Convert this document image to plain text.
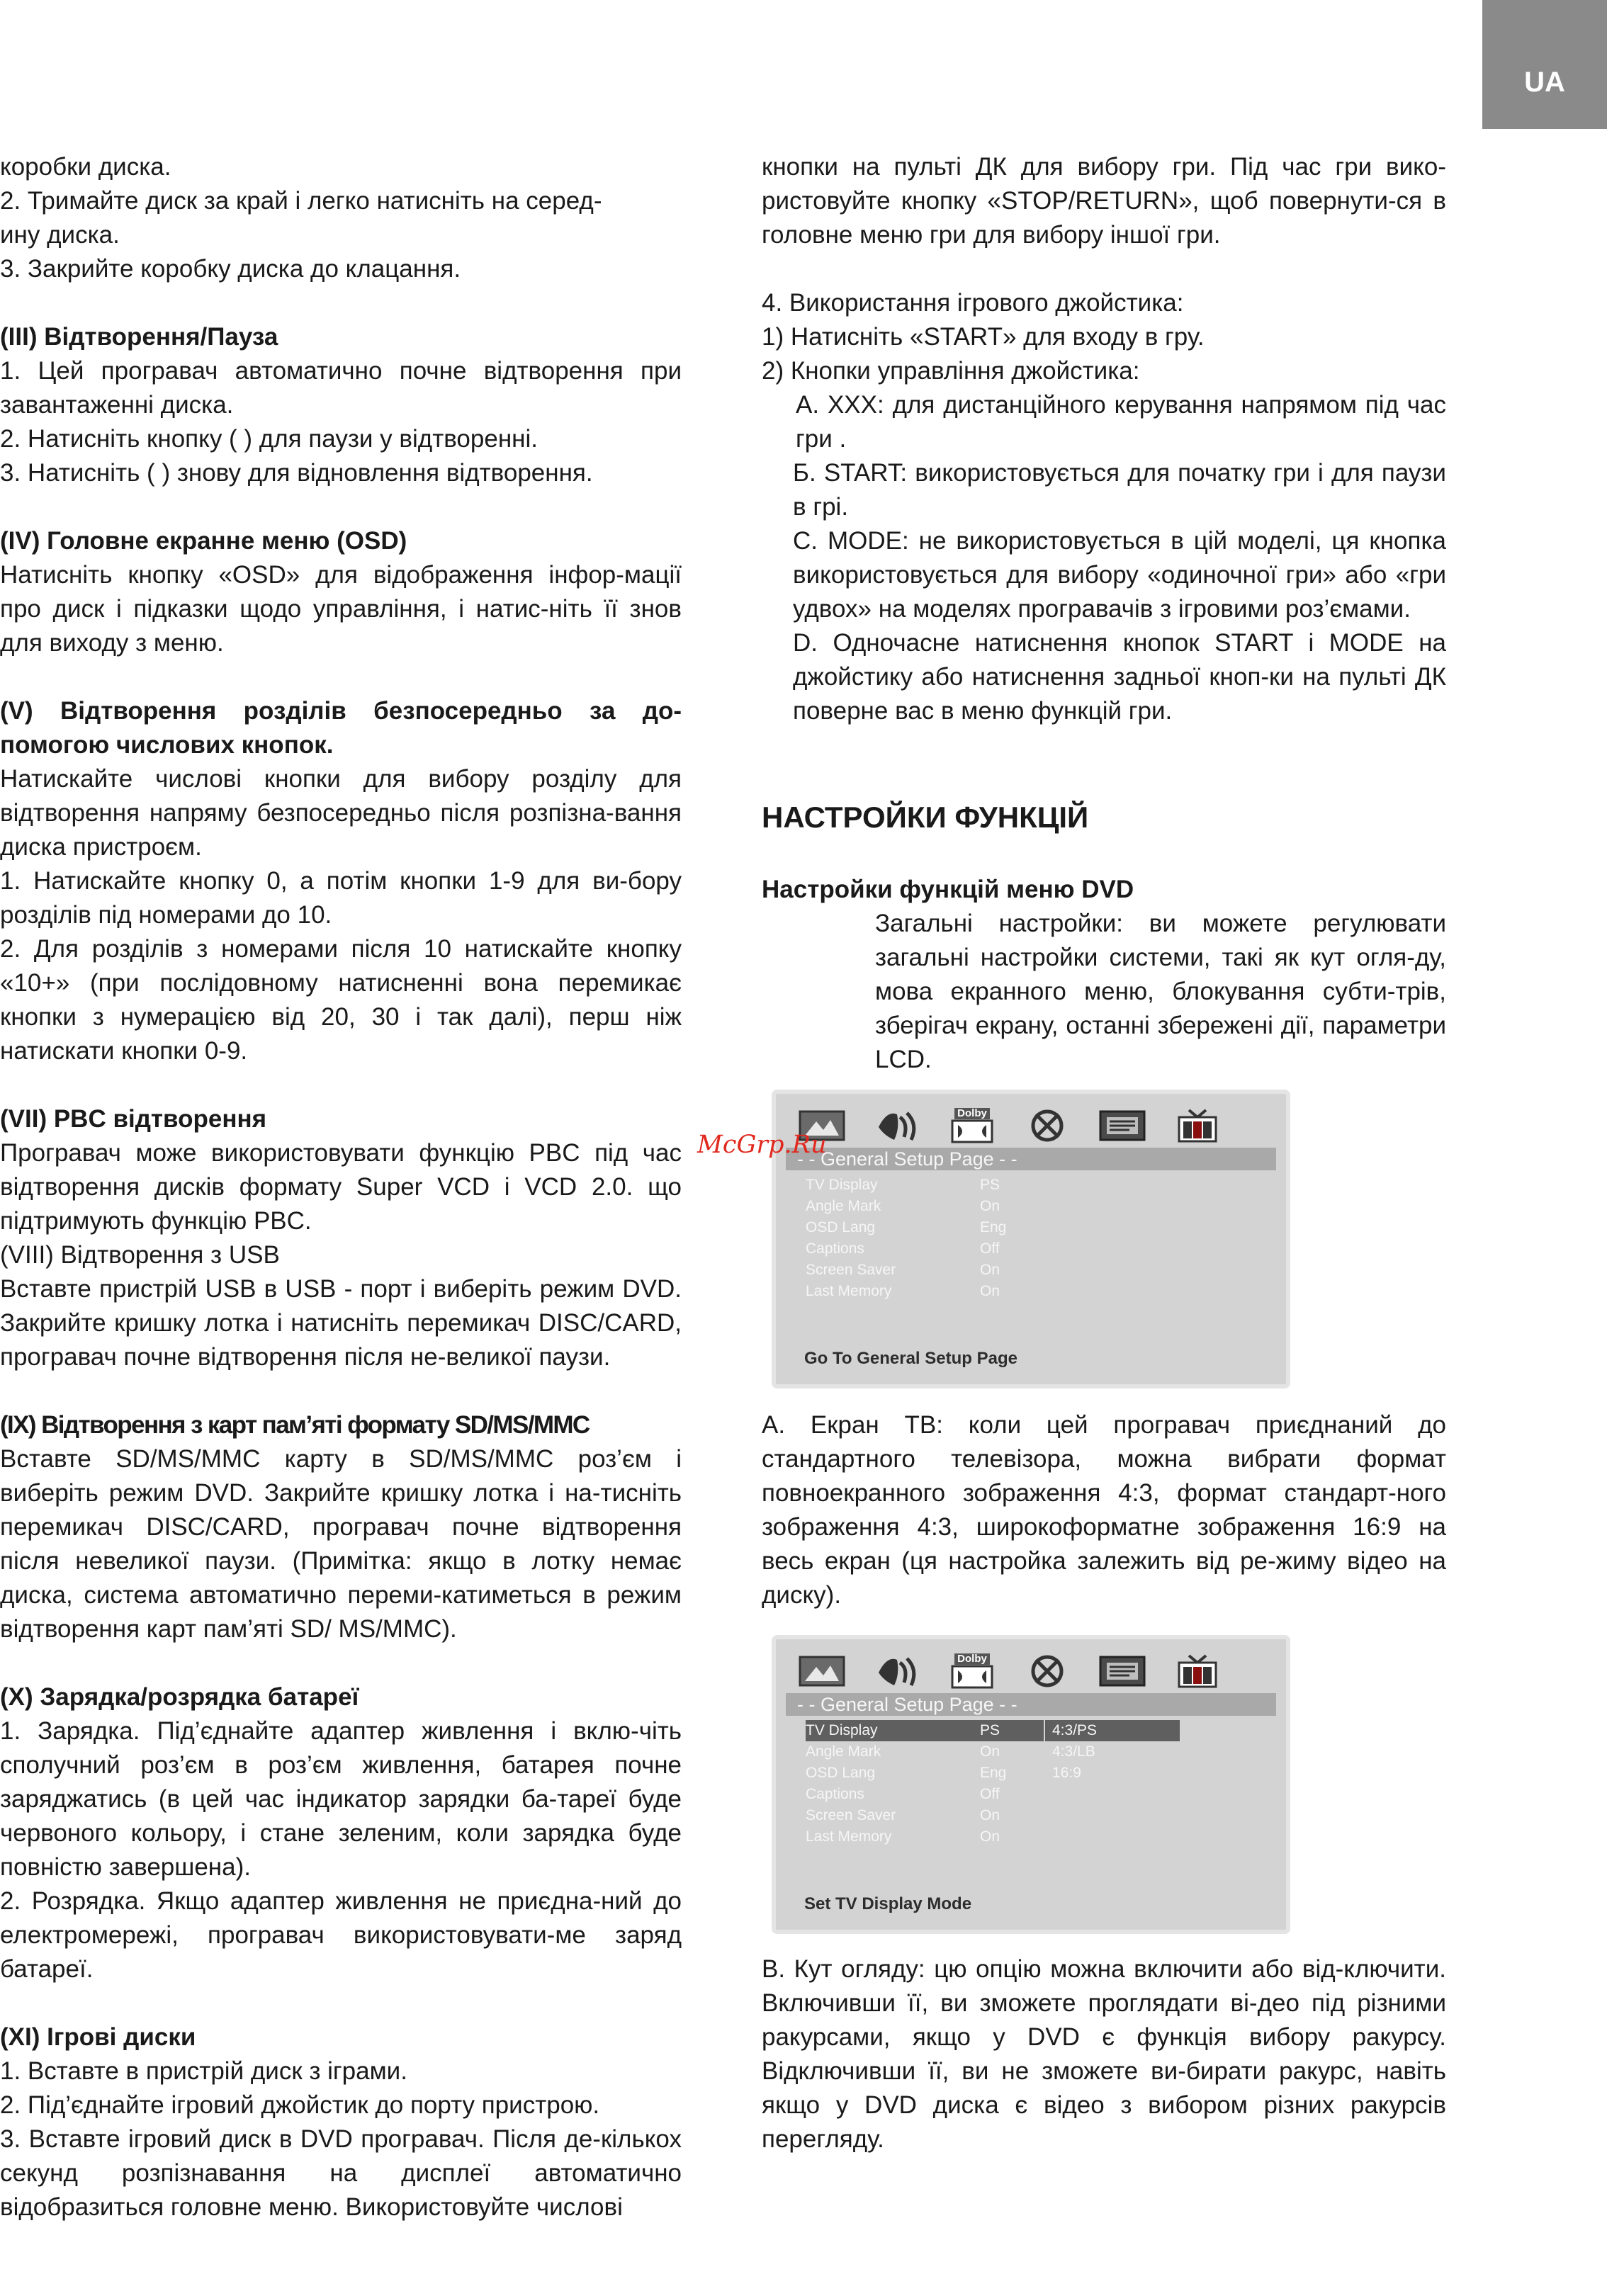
UA

коробки диска.

2. Тримайте диск за край і легко натисніть на серед-

ину диска.

3. Закрийте коробку диска до клацання.

(III) Відтворення/Пауза

1. Цей програвач автоматично почне відтворення при завантаженні диска.

2. Натисніть кнопку ( ) для паузи у відтворенні.

3. Натисніть ( ) знову для відновлення відтворення.

(IV) Головне екранне меню (OSD)

Натисніть кнопку «OSD» для відображення інфор-мації про диск і підказки щодо управління, і натис-ніть її знов для виходу з меню.

(V) Відтворення розділів безпосередньо за до-помогою числових кнопок.

Натискайте числові кнопки для вибору розділу для відтворення напряму безпосередньо після розпізна-вання диска пристроєм.

1. Натискайте кнопку 0, а потім кнопки 1-9 для ви-бору розділів під номерами до 10.

2. Для розділів з номерами після 10 натискайте кнопку «10+» (при послідовному натисненні вона перемикає кнопки з нумерацією від 20, 30 і так далі), перш ніж натискати кнопки 0-9.

(VII) PBC відтворення

Програвач може використовувати функцію PBC під час відтворення дисків формату Super VCD і VCD 2.0. що підтримують функцію PBC.

(VIII) Відтворення з USB

Вставте пристрій USB в USB - порт і виберіть режим DVD. Закрийте кришку лотка і натисніть перемикач DISC/CARD, програвач почне відтворення після не-великої паузи.

(IX) Відтворення з карт пам’яті формату SD/MS/MMC

Вставте SD/MS/MMC карту в SD/MS/MMC роз’єм і виберіть режим DVD. Закрийте кришку лотка і на-тисніть перемикач DISC/CARD, програвач почне відтворення після невеликої паузи. (Примітка: якщо в лотку немає диска, система автоматично переми-катиметься в режим відтворення карт пам’яті SD/ MS/MMC).

(X) Зарядка/розрядка батареї

1. Зарядка. Під’єднайте адаптер живлення і вклю-чіть сполучний роз’єм в роз’єм живлення, батарея почне заряджатись (в цей час індикатор зарядки ба-тареї буде червоного кольору, і стане зеленим, коли зарядка буде повністю завершена).

2. Розрядка. Якщо адаптер живлення не приєдна-ний до електромережі, програвач використовувати-ме заряд батареї.

(XI) Ігрові диски

1. Вставте в пристрій диск з іграми.

2. Під’єднайте ігровий джойстик до порту пристрою.

3. Вставте ігровий диск в DVD програвач. Після де-кількох секунд розпізнавання на дисплеї автоматично відобразиться головне меню. Використовуйте числові

кнопки на пульті ДК для вибору гри. Під час гри вико-ристовуйте кнопку «STOP/RETURN», щоб повернути-ся в головне меню гри для вибору іншої гри.

4. Використання ігрового джойстика:

1) Натисніть «START» для входу в гру.

2) Кнопки управління джойстика:

А. XXX: для дистанційного керування напрямом під час гри .

Б. START: використовується для початку гри і для паузи в грі.

С. MODE: не використовується в цій моделі, ця кнопка використовується для вибору «одиночної гри» або «гри удвох» на моделях програвачів з ігровими роз’ємами.

D. Одночасне натиснення кнопок START і MODE на джойстику або натиснення задньої кноп-ки на пульті ДК поверне вас в меню функцій гри.

НАСТРОЙКИ ФУНКЦІЙ

Настройки функцій меню DVD

Загальні настройки: ви можете регулювати загальні настройки системи, такі як кут огля-ду, мова екранного меню, блокування субти-трів, зберігач екрану, останні збережені дії, параметри LCD.

Dolby
- - General Setup Page - -
TV Display	PS
Angle Mark	On
OSD Lang	Eng
Captions	Off
Screen Saver	On
Last Memory	On
Go To General Setup Page

А. Екран ТВ: коли цей програвач приєднаний до стандартного телевізора, можна вибрати формат повноекранного зображення 4:3, формат стандарт-ного зображення 4:3, широкоформатне зображення 16:9 на весь екран (ця настройка залежить від ре-жиму відео на диску).

Dolby
- - General Setup Page - -
TV Display	PS
Angle Mark	On
OSD Lang	Eng
Captions	Off
Screen Saver	On
Last Memory	On
4:3/PS
4:3/LB
16:9
Set TV Display Mode

В. Кут огляду: цю опцію можна включити або від-ключити. Включивши її, ви зможете проглядати ві-део під різними ракурсами, якщо у DVD є функція вибору ракурсу. Відключивши її, ви не зможете ви-бирати ракурс, навіть якщо у DVD диска є відео з вибором різних ракурсів перегляду.

McGrp.Ru
